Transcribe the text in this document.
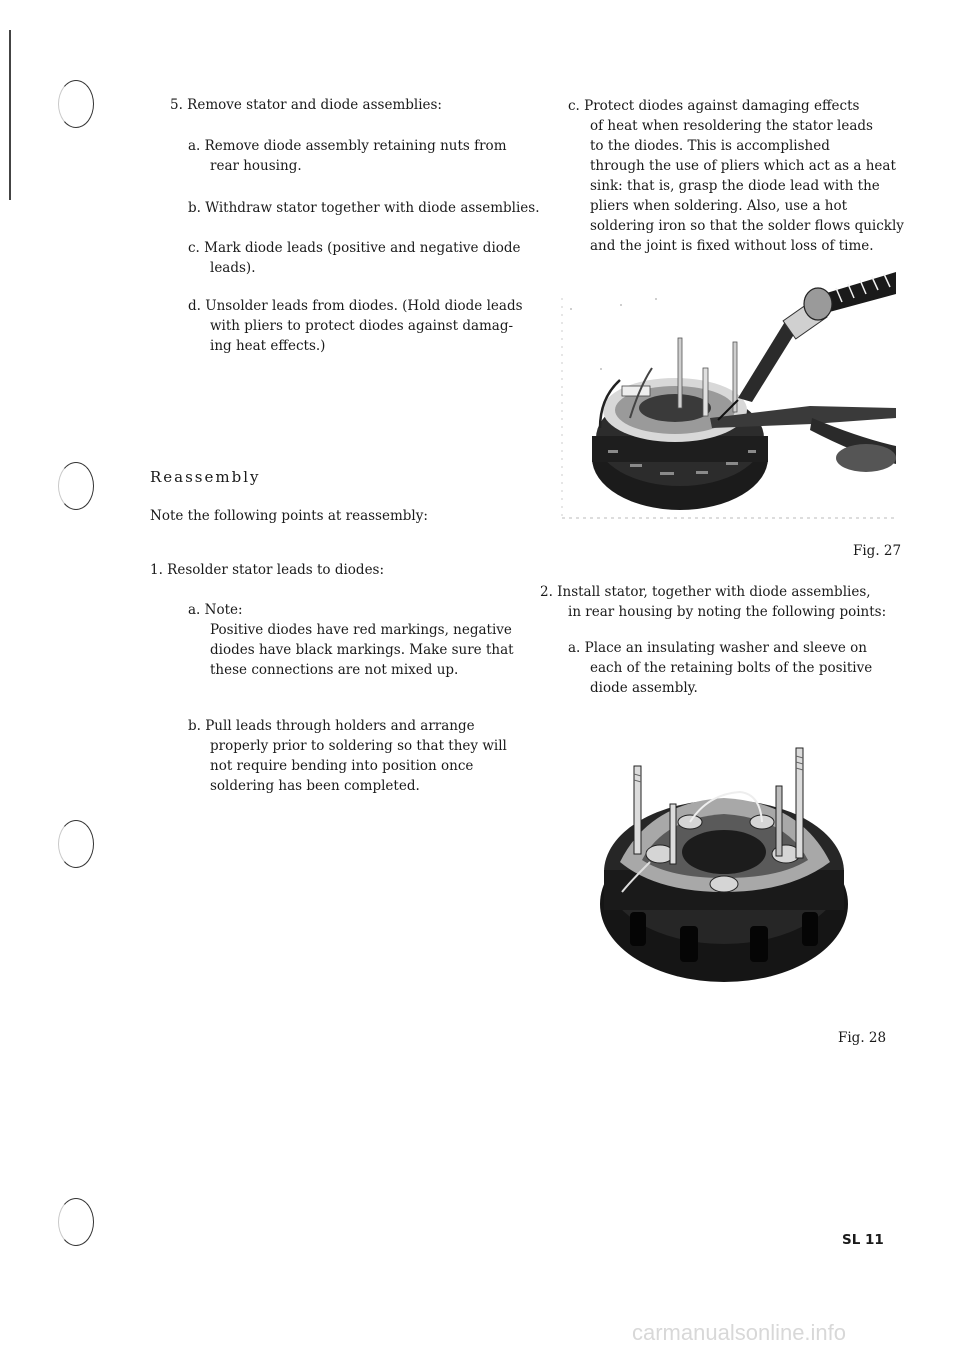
5. Remove stator and diode assemblies:

a. Remove diode assembly retaining nuts from

rear housing.

b. Withdraw stator together with diode assemblies.

c. Mark diode leads (positive and negative diode

leads).

d. Unsolder leads from diodes. (Hold diode leads

with pliers to protect diodes against damag-

ing heat effects.)

Reassembly

Note the following points at reassembly:

1. Resolder stator leads to diodes:

a. Note:

Positive diodes have red markings, negative

diodes have black markings. Make sure that

these connections are not mixed up.

b. Pull leads through holders and arrange

properly prior to soldering so that they will

not require bending into position once

soldering has been completed.

c. Protect diodes against damaging effects

of heat when resoldering the stator leads

to the diodes. This is accomplished

through the use of pliers which act as a heat

sink: that is, grasp the diode lead with the

pliers when soldering. Also, use a hot

soldering iron so that the solder flows quickly

and the joint is fixed without loss of time.

Fig. 27

2. Install stator, together with diode assemblies,

in rear housing by noting the following points:

a. Place an insulating washer and sleeve on

each of the retaining bolts of the positive

diode assembly.

Fig. 28

SL 11

carmanualsonline.info
